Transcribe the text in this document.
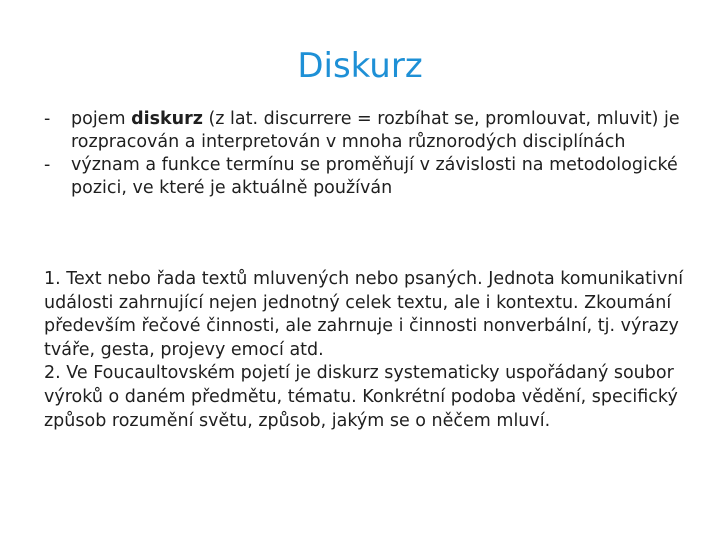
Diskurz
- pojem diskurz (z lat. discurrere = rozbíhat se, promlouvat, mluvit) je rozpracován a interpretován v mnoha různorodých disciplínách
- význam a funkce termínu se proměňují v závislosti na metodologické pozici, ve které je aktuálně používán

1. Text nebo řada textů mluvených nebo psaných. Jednota komunikativní události zahrnující nejen jednotný celek textu, ale i kontextu. Zkoumání především řečové činnosti, ale zahrnuje i činnosti nonverbální, tj. výrazy tváře, gesta, projevy emocí atd.

2. Ve Foucaultovském pojetí je diskurz systematicky uspořádaný soubor výroků o daném předmětu, tématu. Konkrétní podoba vědění, specifický způsob rozumění světu, způsob, jakým se o něčem mluví.
